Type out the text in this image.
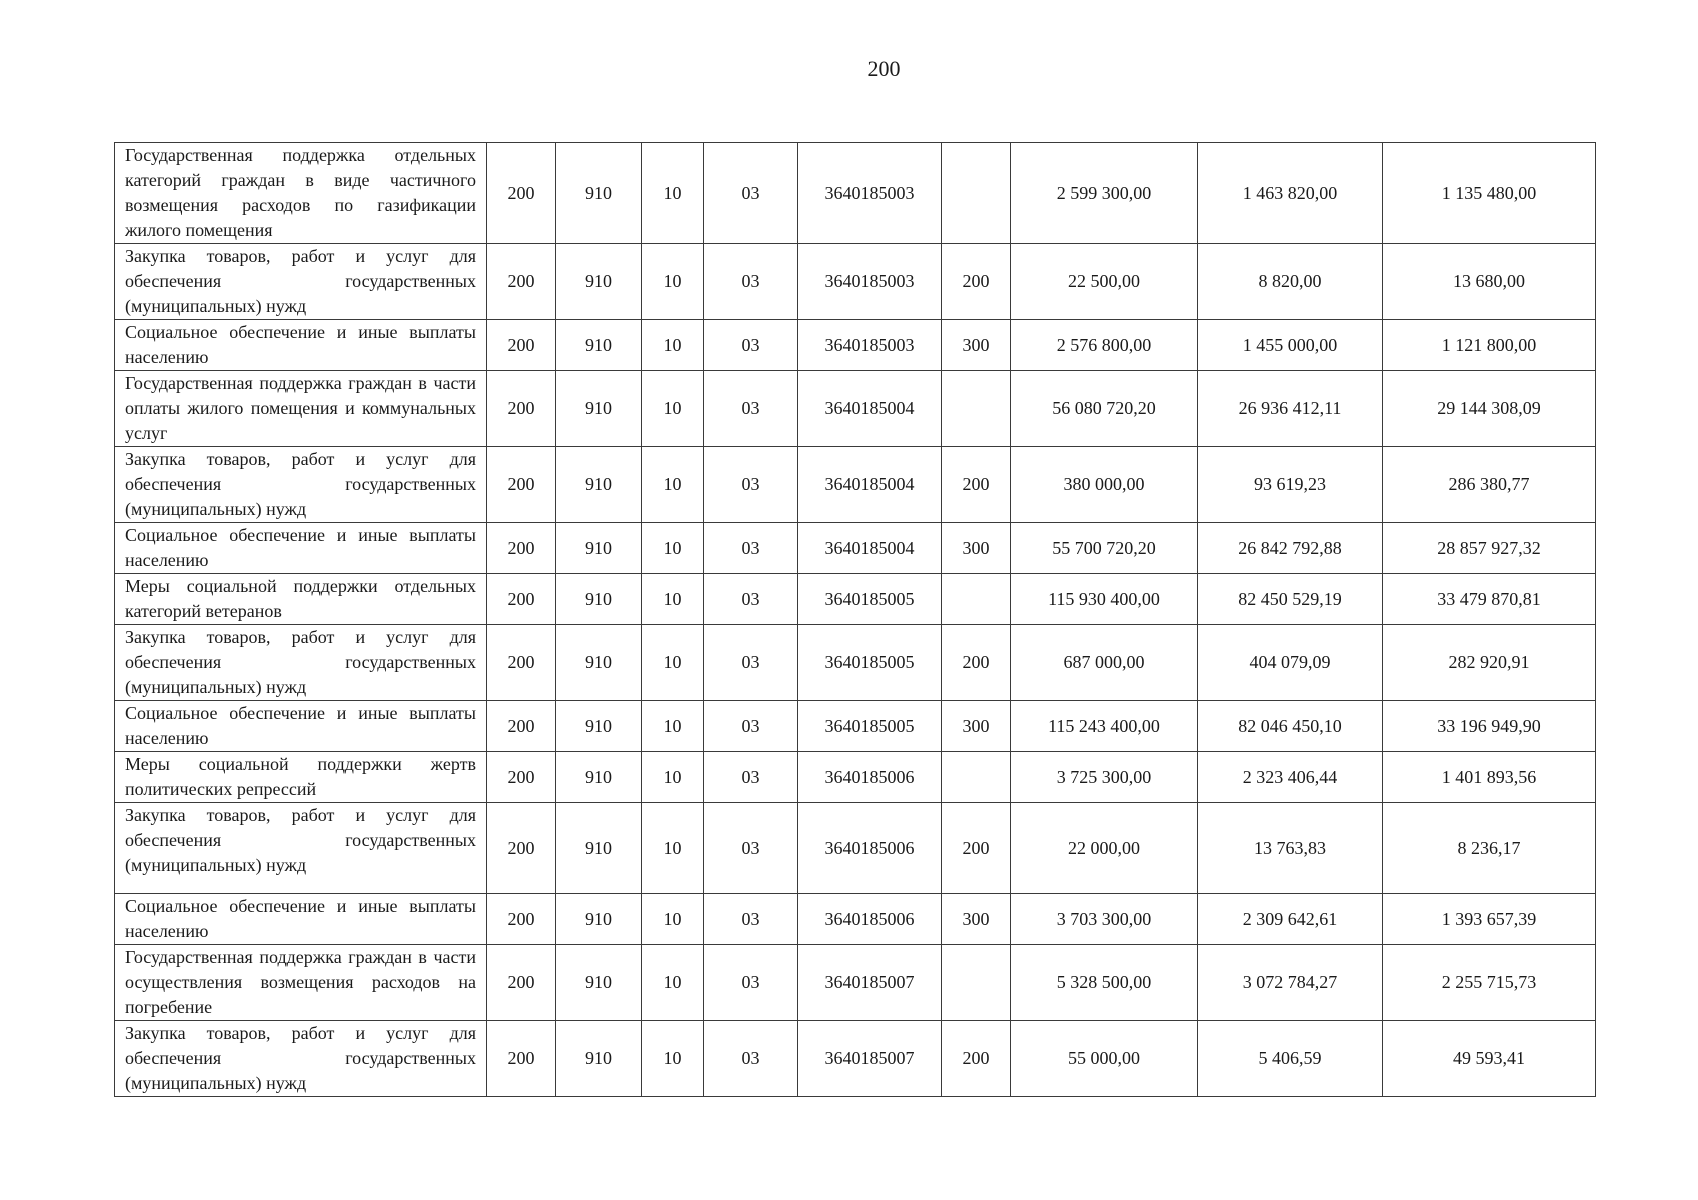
200
Государственная поддержка отдельных категорий граждан в виде частичного возмещения расходов по газификации жилого помещения	200	910	10	03	3640185003		2 599 300,00	1 463 820,00	1 135 480,00
Закупка товаров, работ и услуг для обеспечения государственных (муниципальных) нужд	200	910	10	03	3640185003	200	22 500,00	8 820,00	13 680,00
Социальное обеспечение и иные выплаты населению	200	910	10	03	3640185003	300	2 576 800,00	1 455 000,00	1 121 800,00
Государственная поддержка граждан в части оплаты жилого помещения и коммунальных услуг	200	910	10	03	3640185004		56 080 720,20	26 936 412,11	29 144 308,09
Закупка товаров, работ и услуг для обеспечения государственных (муниципальных) нужд	200	910	10	03	3640185004	200	380 000,00	93 619,23	286 380,77
Социальное обеспечение и иные выплаты населению	200	910	10	03	3640185004	300	55 700 720,20	26 842 792,88	28 857 927,32
Меры социальной поддержки отдельных категорий ветеранов	200	910	10	03	3640185005		115 930 400,00	82 450 529,19	33 479 870,81
Закупка товаров, работ и услуг для обеспечения государственных (муниципальных) нужд	200	910	10	03	3640185005	200	687 000,00	404 079,09	282 920,91
Социальное обеспечение и иные выплаты населению	200	910	10	03	3640185005	300	115 243 400,00	82 046 450,10	33 196 949,90
Меры социальной поддержки жертв политических репрессий	200	910	10	03	3640185006		3 725 300,00	2 323 406,44	1 401 893,56
Закупка товаров, работ и услуг для обеспечения государственных (муниципальных) нужд	200	910	10	03	3640185006	200	22 000,00	13 763,83	8 236,17
Социальное обеспечение и иные выплаты населению	200	910	10	03	3640185006	300	3 703 300,00	2 309 642,61	1 393 657,39
Государственная поддержка граждан в части осуществления возмещения расходов на погребение	200	910	10	03	3640185007		5 328 500,00	3 072 784,27	2 255 715,73
Закупка товаров, работ и услуг для обеспечения государственных (муниципальных) нужд	200	910	10	03	3640185007	200	55 000,00	5 406,59	49 593,41
